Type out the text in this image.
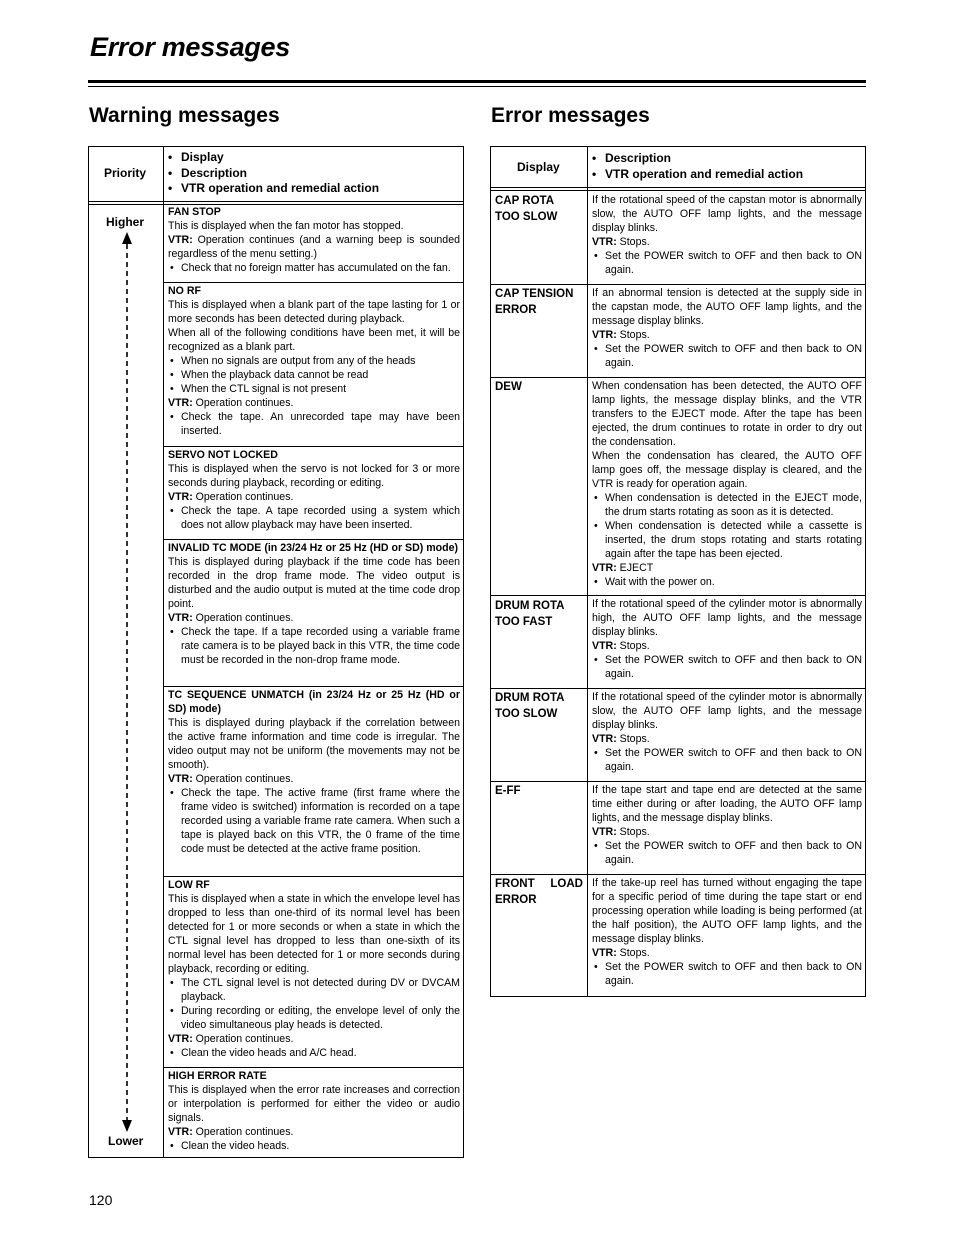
Error messages
Warning messages
Priority
• Display
• Description
• VTR operation and remedial action
Higher
Lower

FAN STOP

This is displayed when the fan motor has stopped.

VTR: Operation continues (and a warning beep is sounded regardless of the menu setting.)

• Check that no foreign matter has accumulated on the fan.

NO RF

This is displayed when a blank part of the tape lasting for 1 or more seconds has been detected during playback.

When all of the following conditions have been met, it will be recognized as a blank part.

• When no signals are output from any of the heads
• When the playback data cannot be read
• When the CTL signal is not present

VTR: Operation continues.

• Check the tape. An unrecorded tape may have been inserted.

SERVO NOT LOCKED

This is displayed when the servo is not locked for 3 or more seconds during playback, recording or editing.

VTR: Operation continues.

• Check the tape. A tape recorded using a system which does not allow playback may have been inserted.

INVALID TC MODE (in 23/24 Hz or 25 Hz (HD or SD) mode)

This is displayed during playback if the time code has been recorded in the drop frame mode. The video output is disturbed and the audio output is muted at the time code drop point.

VTR: Operation continues.

• Check the tape. If a tape recorded using a variable frame rate camera is to be played back in this VTR, the time code must be recorded in the non-drop frame mode.

TC SEQUENCE UNMATCH (in 23/24 Hz or 25 Hz (HD or SD) mode)

This is displayed during playback if the correlation between the active frame information and time code is irregular. The video output may not be uniform (the movements may not be smooth).

VTR: Operation continues.

• Check the tape. The active frame (first frame where the frame video is switched) information is recorded on a tape recorded using a variable frame rate camera. When such a tape is played back on this VTR, the 0 frame of the time code must be detected at the active frame position.

LOW RF

This is displayed when a state in which the envelope level has dropped to less than one-third of its normal level has been detected for 1 or more seconds or when a state in which the CTL signal level has dropped to less than one-sixth of its normal level has been detected for 1 or more seconds during playback, recording or editing.

• The CTL signal level is not detected during DV or DVCAM playback.
• During recording or editing, the envelope level of only the video simultaneous play heads is detected.

VTR: Operation continues.

• Clean the video heads and A/C head.

HIGH ERROR RATE

This is displayed when the error rate increases and correction or interpolation is performed for either the video or audio signals.

VTR: Operation continues.

• Clean the video heads.
Error messages
Display
• Description
• VTR operation and remedial action
CAP ROTA
TOO SLOW

If the rotational speed of the capstan motor is abnormally slow, the AUTO OFF lamp lights, and the message display blinks.

VTR: Stops.

• Set the POWER switch to OFF and then back to ON again.
CAP TENSION
ERROR

If an abnormal tension is detected at the supply side in the capstan mode, the AUTO OFF lamp lights, and the message display blinks.

VTR: Stops.

• Set the POWER switch to OFF and then back to ON again.
DEW	When condensation has been detected, the AUTO OFF lamp lights, the message display blinks, and the VTR transfers to the EJECT mode. After the tape has been ejected, the drum continues to rotate in order to dry out the condensation.

When the condensation has cleared, the AUTO OFF lamp goes off, the message display is cleared, and the VTR is ready for operation again.

• When condensation is detected in the EJECT mode, the drum starts rotating as soon as it is detected.
• When condensation is detected while a cassette is inserted, the drum stops rotating and starts rotating again after the tape has been ejected.

VTR: EJECT

• Wait with the power on.
DRUM ROTA
TOO FAST

If the rotational speed of the cylinder motor is abnormally high, the AUTO OFF lamp lights, and the message display blinks.

VTR: Stops.

• Set the POWER switch to OFF and then back to ON again.
DRUM ROTA
TOO SLOW

If the rotational speed of the cylinder motor is abnormally slow, the AUTO OFF lamp lights, and the message display blinks.

VTR: Stops.

• Set the POWER switch to OFF and then back to ON again.
E-FF	If the tape start and tape end are detected at the same time either during or after loading, the AUTO OFF lamp lights, and the message display blinks.

VTR: Stops.

• Set the POWER switch to OFF and then back to ON again.
FRONT LOAD
ERROR

If the take-up reel has turned without engaging the tape for a specific period of time during the tape start or end processing operation while loading is being performed (at the half position), the AUTO OFF lamp lights, and the message display blinks.

VTR: Stops.

• Set the POWER switch to OFF and then back to ON again.
120
